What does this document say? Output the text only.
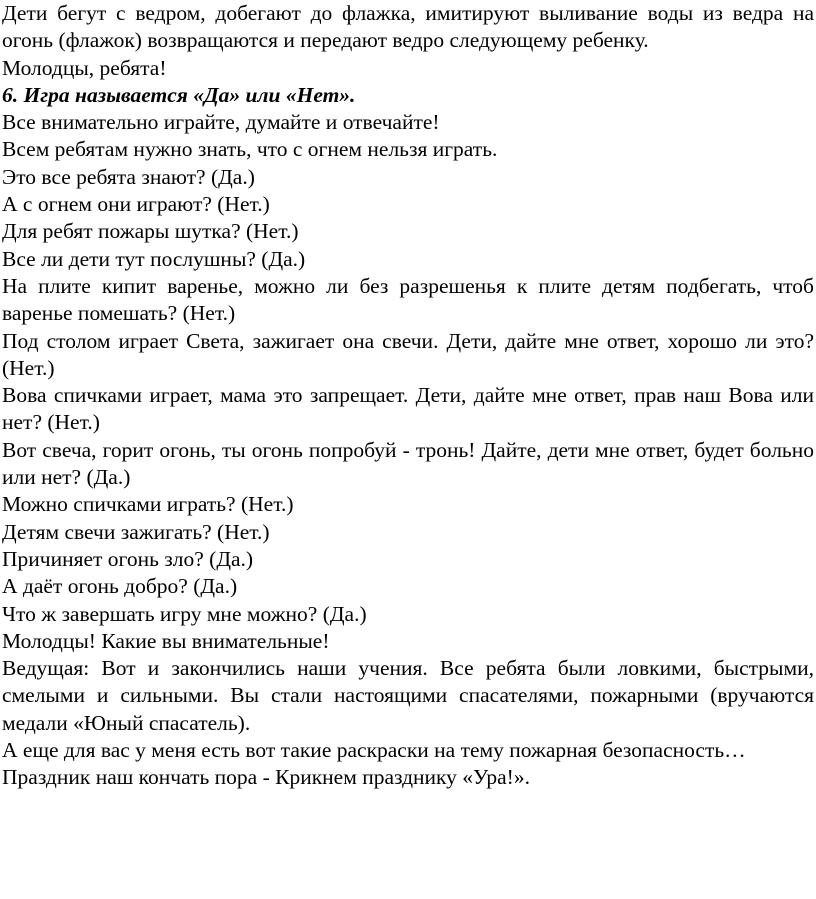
Дети бегут с ведром, добегают до флажка, имитируют выливание воды из ведра на огонь (флажок) возвращаются и передают ведро следующему ребенку.

Молодцы, ребята!

6. Игра называется «Да» или «Нет».

Все внимательно играйте, думайте и отвечайте!

Всем ребятам нужно знать, что с огнем нельзя играть.

Это все ребята знают? (Да.)

А с огнем они играют? (Нет.)

Для ребят пожары шутка? (Нет.)

Все ли дети тут послушны? (Да.)

На плите кипит варенье, можно ли без разрешенья к плите детям подбегать, чтоб варенье помешать? (Нет.)

Под столом играет Света, зажигает она свечи. Дети, дайте мне ответ, хорошо ли это? (Нет.)

Вова спичками играет, мама это запрещает. Дети, дайте мне ответ, прав наш Вова или нет? (Нет.)

Вот свеча, горит огонь, ты огонь попробуй - тронь! Дайте, дети мне ответ, будет больно или нет? (Да.)

Можно спичками играть? (Нет.)

Детям свечи зажигать? (Нет.)

Причиняет огонь зло? (Да.)

А даёт огонь добро? (Да.)

Что ж завершать игру мне можно? (Да.)

Молодцы! Какие вы внимательные!

Ведущая: Вот и закончились наши учения. Все ребята были ловкими, быстрыми, смелыми и сильными. Вы стали настоящими спасателями, пожарными (вручаются медали «Юный спасатель).

А еще для вас у меня есть вот такие раскраски на тему пожарная безопасность…

Праздник наш кончать пора - Крикнем празднику «Ура!».
